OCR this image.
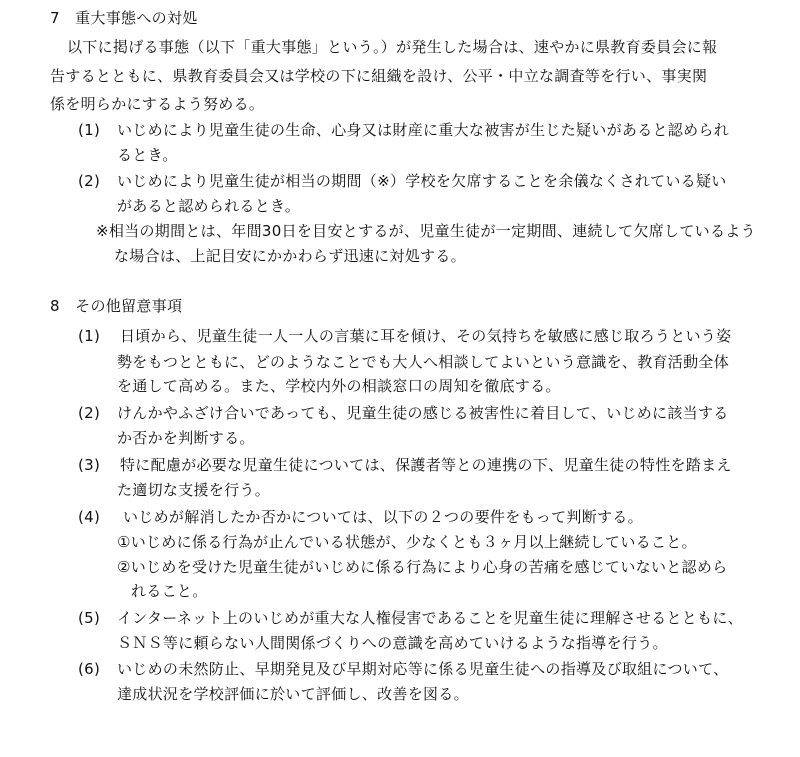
7　重大事態への対処
以下に掲げる事態（以下「重大事態」という。）が発生した場合は、速やかに県教育委員会に報
告するとともに、県教育委員会又は学校の下に組織を設け、公平・中立な調査等を行い、事実関
係を明らかにするよう努める。
(1) いじめにより児童生徒の生命、心身又は財産に重大な被害が生じた疑いがあると認められ
るとき。
(2) いじめにより児童生徒が相当の期間（※）学校を欠席することを余儀なくされている疑い
があると認められるとき。
※相当の期間とは、年間30日を目安とするが、児童生徒が一定期間、連続して欠席しているよう
な場合は、上記目安にかかわらず迅速に対処する。
8　その他留意事項
(1) 日頃から、児童生徒一人一人の言葉に耳を傾け、その気持ちを敏感に感じ取ろうという姿
勢をもつとともに、どのようなことでも大人へ相談してよいという意識を、教育活動全体
を通して高める。また、学校内外の相談窓口の周知を徹底する。
(2) けんかやふざけ合いであっても、児童生徒の感じる被害性に着目して、いじめに該当する
か否かを判断する。
(3) 特に配慮が必要な児童生徒については、保護者等との連携の下、児童生徒の特性を踏まえ
た適切な支援を行う。
(4) いじめが解消したか否かについては、以下の２つの要件をもって判断する。
①いじめに係る行為が止んでいる状態が、少なくとも３ヶ月以上継続していること。
②いじめを受けた児童生徒がいじめに係る行為により心身の苦痛を感じていないと認めら
れること。
(5) インターネット上のいじめが重大な人権侵害であることを児童生徒に理解させるとともに、
ＳＮＳ等に頼らない人間関係づくりへの意識を高めていけるような指導を行う。
(6) いじめの未然防止、早期発見及び早期対応等に係る児童生徒への指導及び取組について、
達成状況を学校評価に於いて評価し、改善を図る。
